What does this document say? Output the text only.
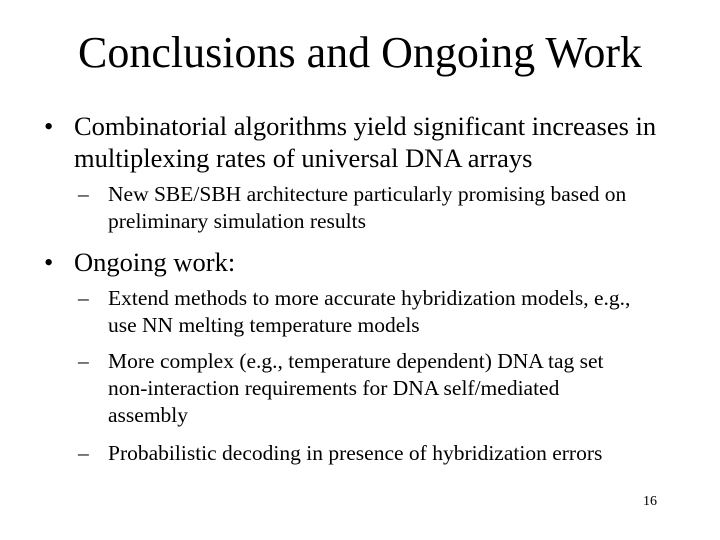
Conclusions and Ongoing Work
• Combinatorial algorithms yield significant increases in
multiplexing rates of universal DNA arrays
– New SBE/SBH architecture particularly promising based on
preliminary simulation results
• Ongoing work:
– Extend methods to more accurate hybridization models, e.g.,
use NN melting temperature models
– More complex (e.g., temperature dependent) DNA tag set
non-interaction requirements for DNA self/mediated
assembly
– Probabilistic decoding in presence of hybridization errors
16
